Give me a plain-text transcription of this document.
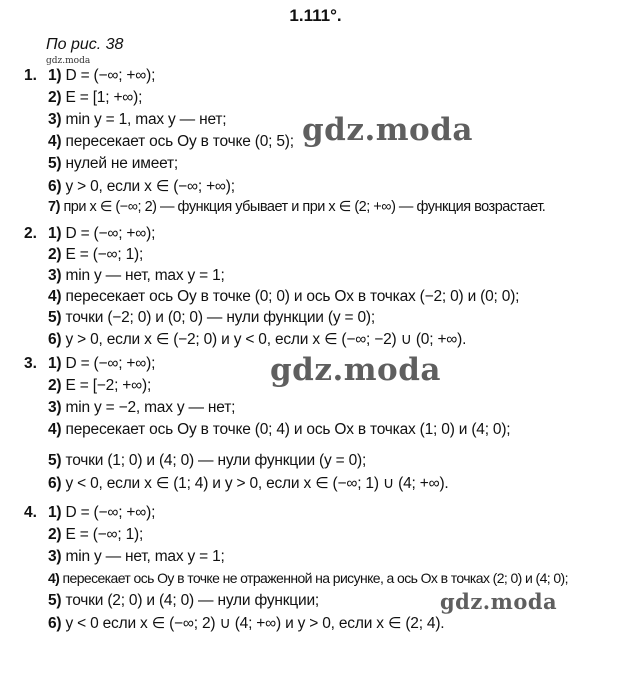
1.111°.
По рис. 38
gdz.moda
1. 1) D = (−∞; +∞);
2) E = [1; +∞);
3) min y = 1, max y — нет;
4) пересекает ось Oy в точке (0; 5);
5) нулей не имеет;
6) y > 0, если x ∈ (−∞; +∞);
7) при x ∈ (−∞; 2) — функция убывает и при x ∈ (2; +∞) — функция возрастает.
2. 1) D = (−∞; +∞);
2) E = (−∞; 1);
3) min y — нет, max y = 1;
4) пересекает ось Oy в точке (0; 0) и ось Ox в точках (−2; 0) и (0; 0);
5) точки (−2; 0) и (0; 0) — нули функции (y = 0);
6) y > 0, если x ∈ (−2; 0) и y < 0, если x ∈ (−∞; −2) ∪ (0; +∞).
3. 1) D = (−∞; +∞);
2) E = [−2; +∞);
3) min y = −2, max y — нет;
4) пересекает ось Oy в точке (0; 4) и ось Ox в точках (1; 0) и (4; 0);
5) точки (1; 0) и (4; 0) — нули функции (y = 0);
6) y < 0, если x ∈ (1; 4) и y > 0, если x ∈ (−∞; 1) ∪ (4; +∞).
4. 1) D = (−∞; +∞);
2) E = (−∞; 1);
3) min y — нет, max y = 1;
4) пересекает ось Oy в точке не отраженной на рисунке, а ось Ox в точках (2; 0) и (4; 0);
5) точки (2; 0) и (4; 0) — нули функции;
6) y < 0 если x ∈ (−∞; 2) ∪ (4; +∞) и y > 0, если x ∈ (2; 4).
gdz.moda
gdz.moda
gdz.moda
